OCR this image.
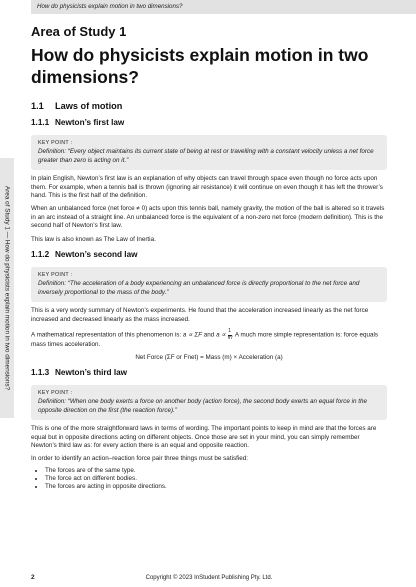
How do physicists explain motion in two dimensions?
Area of Study 1 — How do physicists explain motion in two dimensions?
Area of Study 1
How do physicists explain motion in two dimensions?
1.1 Laws of motion
1.1.1 Newton’s first law
KEY POINT :
Definition: “Every object maintains its current state of being at rest or travelling with a constant velocity unless a net force greater than zero is acting on it.”

In plain English, Newton’s first law is an explanation of why objects can travel through space even though no force acts upon them. For example, when a tennis ball is thrown (ignoring air resistance) it will continue on even though it has left the thrower’s hand. This is the first half of the definition.

When an unbalanced force (net force ≠ 0) acts upon this tennis ball, namely gravity, the motion of the ball is altered so it travels in an arc instead of a straight line. An unbalanced force is the equivalent of a non-zero net force (modern definition). This is the second half of Newton’s first law.

This law is also known as The Law of Inertia.

1.1.2 Newton’s second law
KEY POINT :
Definition: “The acceleration of a body experiencing an unbalanced force is directly proportional to the net force and inversely proportional to the mass of the body.”

This is a very wordy summary of Newton’s experiments. He found that the acceleration increased linearly as the net force increased and decreased linearly as the mass increased.

A mathematical representation of this phenomenon is: a ∝ ΣF and $a \propto \frac{1}{m}$ . A much more simple representation is: force equals mass times acceleration.

Net Force (ΣF or Fnet) = Mass (m) × Acceleration (a)

1.1.3 Newton’s third law
KEY POINT :
Definition: “When one body exerts a force on another body (action force), the second body exerts an equal force in the opposite direction on the first (the reaction force).”

This is one of the more straightforward laws in terms of wording. The important points to keep in mind are that the forces are equal but in opposite directions acting on different objects. Once those are set in your mind, you can simply remember Newton’s third law as: for every action there is an equal and opposite reaction.

In order to identify an action–reaction force pair three things must be satisfied:

• The forces are of the same type.
• The force act on different bodies.
• The forces are acting in opposite directions.
2	Copyright © 2023 InStudent Publishing Pty. Ltd.
